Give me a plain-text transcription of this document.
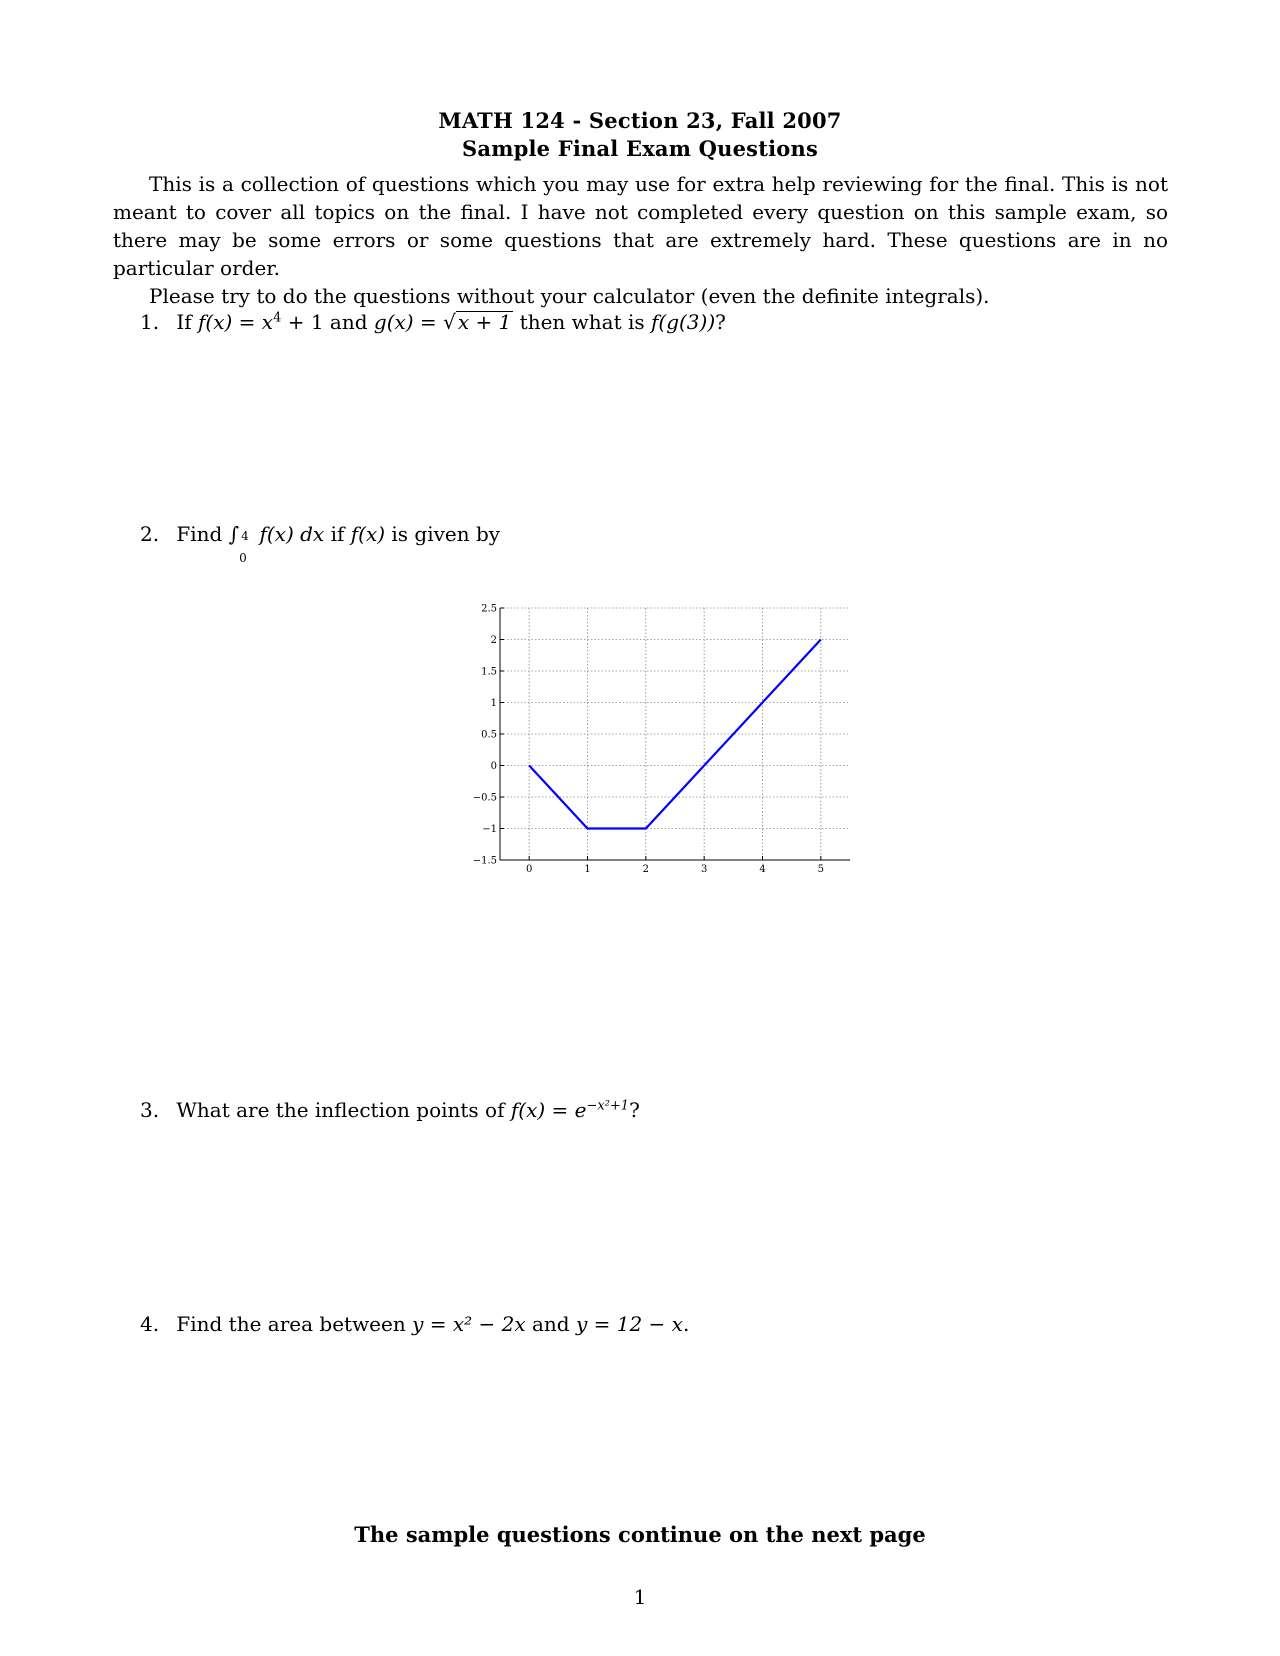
MATH 124 - Section 23, Fall 2007
Sample Final Exam Questions

This is a collection of questions which you may use for extra help reviewing for the final. This is not meant to cover all topics on the final. I have not completed every question on this sample exam, so there may be some errors or some questions that are extremely hard. These questions are in no particular order.

Please try to do the questions without your calculator (even the definite integrals).

1. If $f(x) = x^4 + 1$ and g(x) = √ x + 1 then what is f(g(3))?
2. Find ∫ 4
0
f(x) dx if f(x) is given by
2.5
2
1.5
1
0.5
0
−0.5
−1
−1.5
0	1	2	3	4	5
3. What are the inflection points of $f(x) = e^{-x^2+1}$?
4. Find the area between y = x² − 2x and y = 12 − x.
The sample questions continue on the next page
1
